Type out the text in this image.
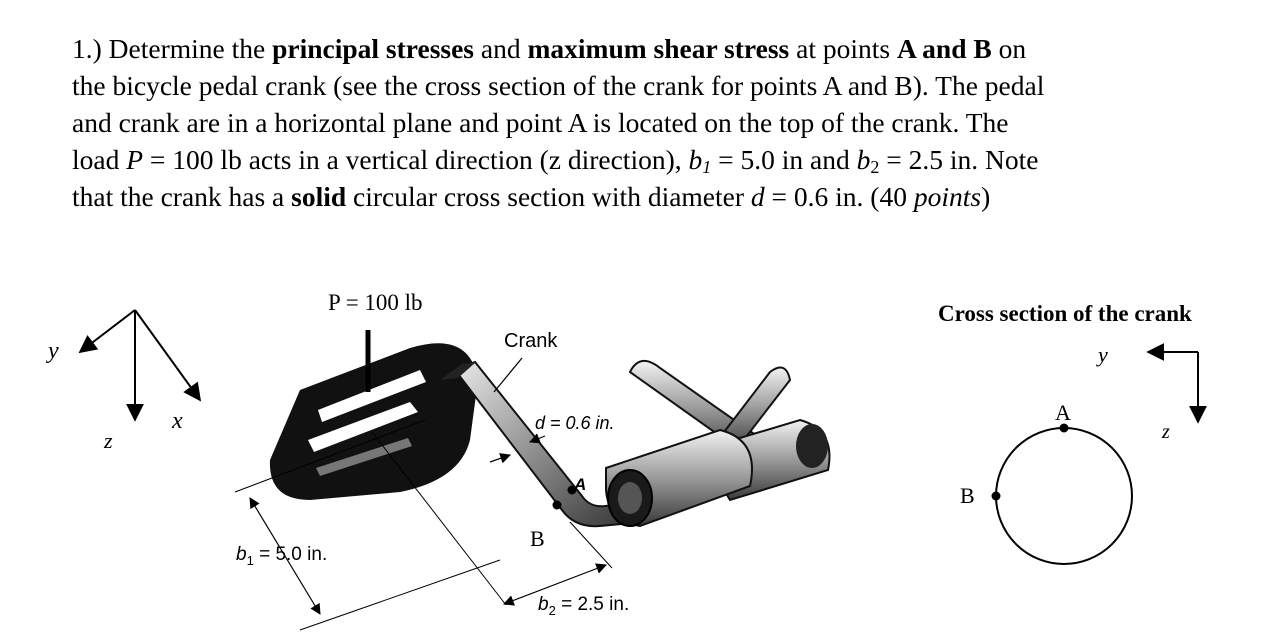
1.) Determine the principal stresses and maximum shear stress at points A and B on
the bicycle pedal crank (see the cross section of the crank for points A and B). The pedal
and crank are in a horizontal plane and point A is located on the top of the crank. The
load P = 100 lb acts in a vertical direction (z direction), $b_1 = 5.0$ in and $b_2 = 2.5$ in. Note
that the crank has a solid circular cross section with diameter d = 0.6 in. (40 points)
y
x
z
P = 100 lb
A
B
Crank
d = 0.6 in.
$b_1 = 5.0$ in.
$b_2 = 2.5$ in.
Cross section of the crank
y
z
A
B
